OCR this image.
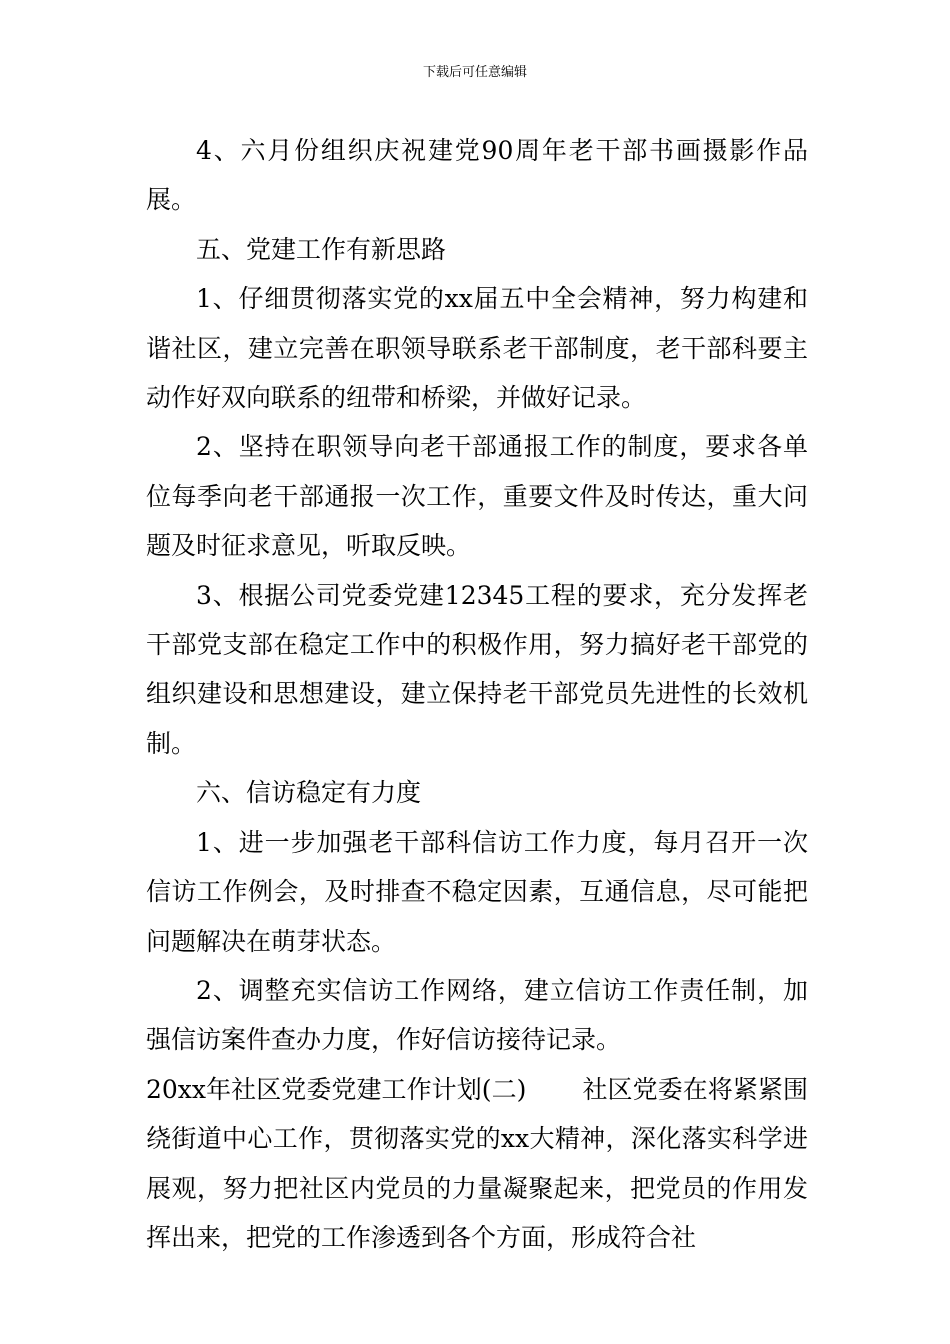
下载后可任意编辑

4、六月份组织庆祝建党90周年老干部书画摄影作品展。

五、党建工作有新思路

1、仔细贯彻落实党的xx届五中全会精神，努力构建和谐社区，建立完善在职领导联系老干部制度，老干部科要主动作好双向联系的纽带和桥梁，并做好记录。

2、坚持在职领导向老干部通报工作的制度，要求各单位每季向老干部通报一次工作，重要文件及时传达，重大问题及时征求意见，听取反映。

3、根据公司党委党建12345工程的要求，充分发挥老干部党支部在稳定工作中的积极作用，努力搞好老干部党的组织建设和思想建设，建立保持老干部党员先进性的长效机制。

六、信访稳定有力度

1、进一步加强老干部科信访工作力度，每月召开一次信访工作例会，及时排查不稳定因素，互通信息，尽可能把问题解决在萌芽状态。

2、调整充实信访工作网络，建立信访工作责任制，加强信访案件查办力度，作好信访接待记录。

20xx年社区党委党建工作计划(二) 社区党委在将紧紧围绕街道中心工作，贯彻落实党的xx大精神，深化落实科学进展观，努力把社区内党员的力量凝聚起来，把党员的作用发挥出来，把党的工作渗透到各个方面，形成符合社
